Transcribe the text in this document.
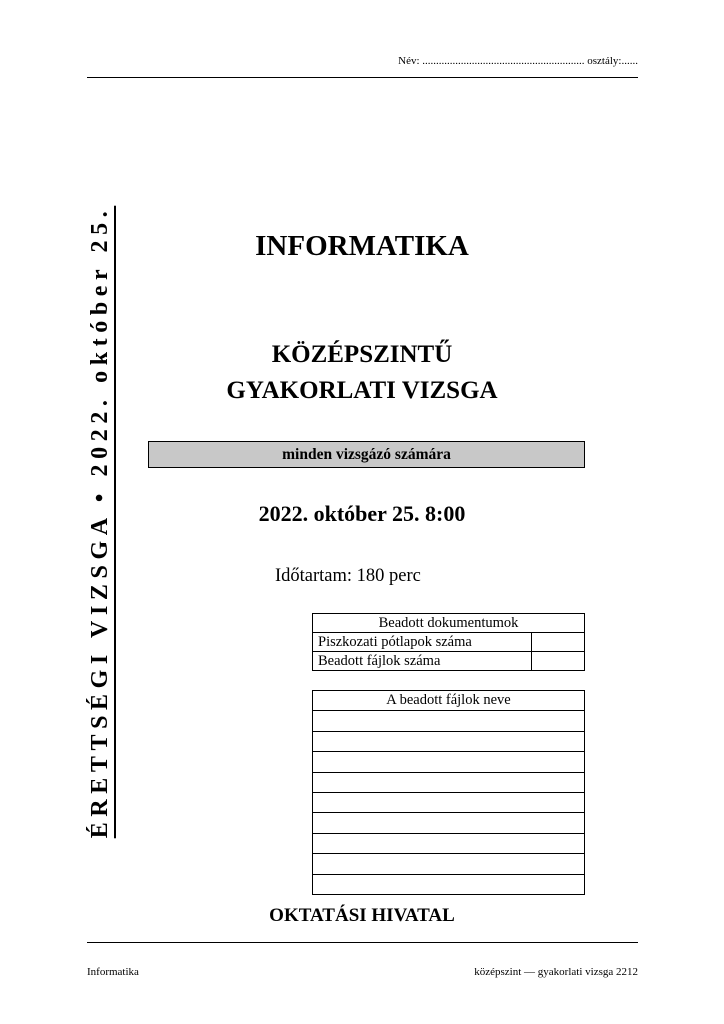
Név: ........................................................... osztály:......
ÉRETTSÉGI VIZSGA • 2022. október 25.	INFORMATIKA
KÖZÉPSZINTŰ
GYAKORLATI VIZSGA
minden vizsgázó számára
2022. október 25. 8:00
Időtartam: 180 perc
Beadott dokumentumok	
Piszkozati pótlapok száma	
Beadott fájlok száma	
A beadott fájlok neve

OKTATÁSI HIVATAL
Informatika	középszint — gyakorlati vizsga 2212
